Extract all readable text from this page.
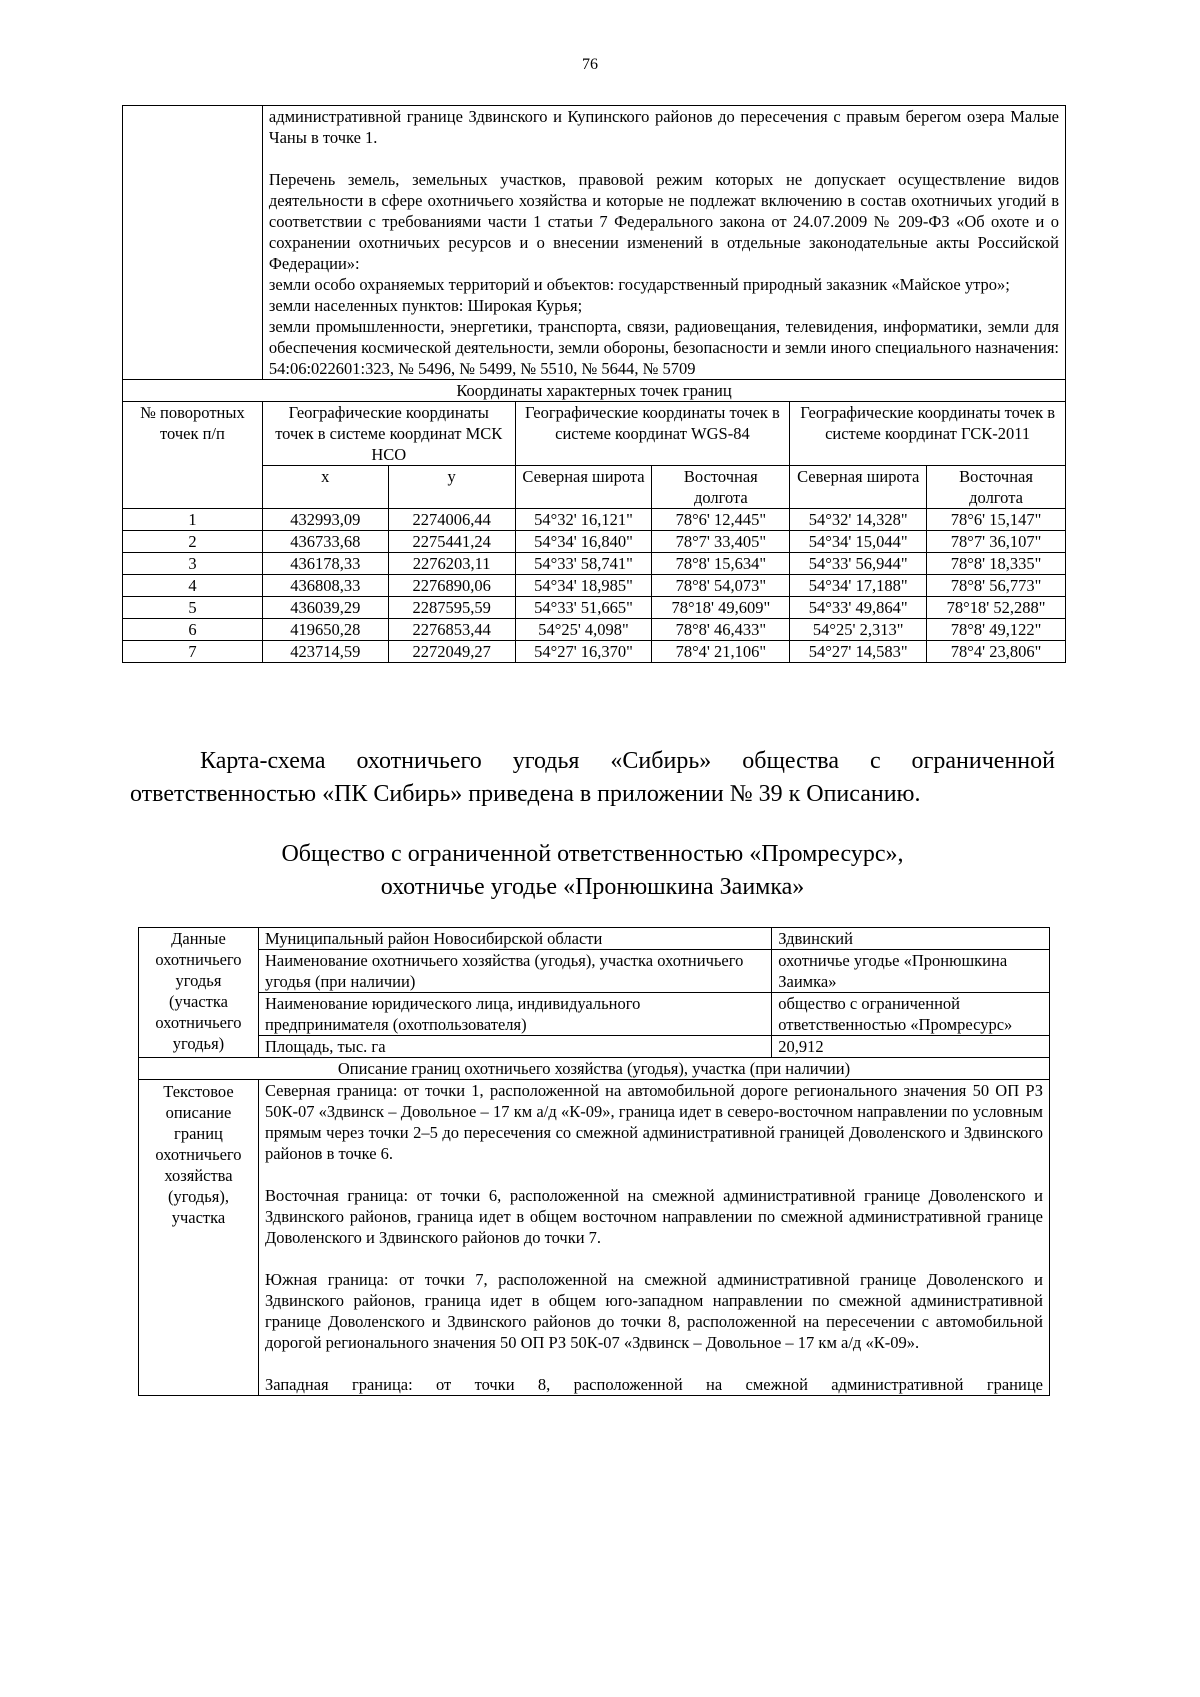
76

	административной границе Здвинского и Купинского районов до пересечения с правым берегом озера Малые Чаны в точке 1.

Перечень земель, земельных участков, правовой режим которых не допускает осуществление видов деятельности в сфере охотничьего хозяйства и которые не подлежат включению в состав охотничьих угодий в соответствии с требованиями части 1 статьи 7 Федерального закона от 24.07.2009 № 209-ФЗ «Об охоте и о сохранении охотничьих ресурсов и о внесении изменений в отдельные законодательные акты Российской Федерации»:
земли особо охраняемых территорий и объектов: государственный природный заказник «Майское утро»;
земли населенных пунктов: Широкая Курья;
земли промышленности, энергетики, транспорта, связи, радиовещания, телевидения, информатики, земли для обеспечения космической деятельности, земли обороны, безопасности и земли иного специального назначения: 54:06:022601:323, № 5496, № 5499, № 5510, № 5644, № 5709					

Координаты характерных точек границ						
№ поворотных точек п/п	Географические координаты точек в системе координат МСК НСО		Географические координаты точек в системе координат WGS-84		Географические координаты точек в системе координат ГСК-2011	
	x	y	Северная широта	Восточная долгота	Северная широта	Восточная долгота
1	432993,09	2274006,44	54°32' 16,121"	78°6' 12,445"	54°32' 14,328"	78°6' 15,147"
2	436733,68	2275441,24	54°34' 16,840"	78°7' 33,405"	54°34' 15,044"	78°7' 36,107"
3	436178,33	2276203,11	54°33' 58,741"	78°8' 15,634"	54°33' 56,944"	78°8' 18,335"
4	436808,33	2276890,06	54°34' 18,985"	78°8' 54,073"	54°34' 17,188"	78°8' 56,773"
5	436039,29	2287595,59	54°33' 51,665"	78°18' 49,609"	54°33' 49,864"	78°18' 52,288"
6	419650,28	2276853,44	54°25' 4,098"	78°8' 46,433"	54°25' 2,313"	78°8' 49,122"
7	423714,59	2272049,27	54°27' 16,370"	78°4' 21,106"	54°27' 14,583"	78°4' 23,806"
Карта-схема охотничьего угодья «Сибирь» общества с ограниченной ответственностью «ПК Сибирь» приведена в приложении № 39 к Описанию.
Общество с ограниченной ответственностью «Промресурс»,
охотничье угодье «Пронюшкина Заимка»
Данные охотничьего угодья (участка охотничьего угодья)	Муниципальный район Новосибирской области	Здвинский
	Наименование охотничьего хозяйства (угодья), участка охотничьего угодья (при наличии)	охотничье угодье «Пронюшкина Заимка»
	Наименование юридического лица, индивидуального предпринимателя (охотпользователя)	общество с ограниченной ответственностью «Промресурс»
	Площадь, тыс. га	20,912
Описание границ охотничьего хозяйства (угодья), участка (при наличии)		
Текстовое описание границ охотничьего хозяйства (угодья), участка	Северная граница: от точки 1, расположенной на автомобильной дороге регионального значения 50 ОП РЗ 50К-07 «Здвинск – Довольное – 17 км а/д «К-09», граница идет в северо-восточном направлении по условным прямым через точки 2–5 до пересечения со смежной административной границей Доволенского и Здвинского районов в точке 6.

Восточная граница: от точки 6, расположенной на смежной административной границе Доволенского и Здвинского районов, граница идет в общем восточном направлении по смежной административной границе Доволенского и Здвинского районов до точки 7.

Южная граница: от точки 7, расположенной на смежной административной границе Доволенского и Здвинского районов, граница идет в общем юго-западном направлении по смежной административной границе Доволенского и Здвинского районов до точки 8, расположенной на пересечении с автомобильной дорогой регионального значения 50 ОП РЗ 50К-07 «Здвинск – Довольное – 17 км а/д «К-09».

Западная граница: от точки 8, расположенной на смежной административной границе	
